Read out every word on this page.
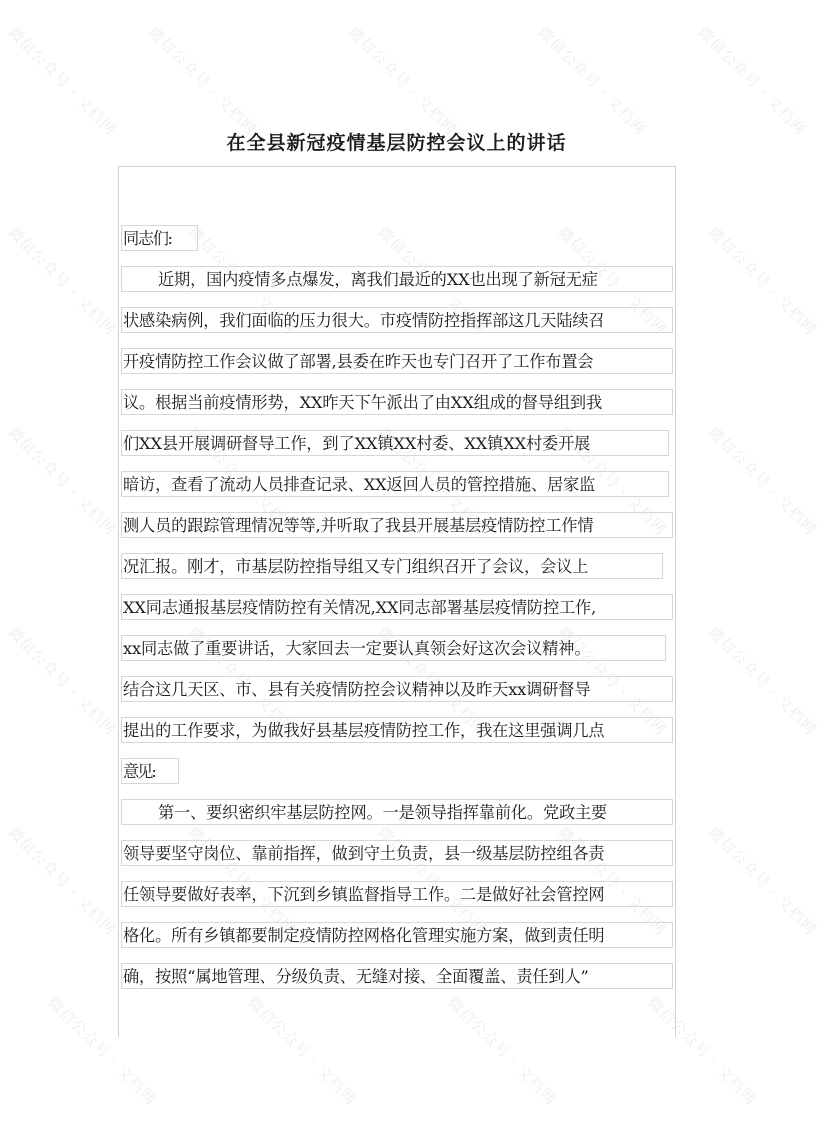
微信公众号 · 文档网 微信公众号 · 文档网	微信公众号 · 文档网	微信公众号 · 文档网	微信公众号 · 文档网
微信公众号 · 文档网	微信公众号 · 文档网	微信公众号 · 文档网	微信公众号 · 文档网 微信公众号 · 文档网
微信公众号 · 文档网	微信公众号 · 文档网	微信公众号 · 文档网	微信公众号 · 文档网 微信公众号 · 文档网
微信公众号 · 文档网	微信公众号 · 文档网	微信公众号 · 文档网	微信公众号 · 文档网 微信公众号 · 文档网
微信公众号 · 文档网	微信公众号 · 文档网	微信公众号 · 文档网	微信公众号 · 文档网 微信公众号 · 文档网
微信公众号 · 文档网	微信公众号 · 文档网	微信公众号 · 文档网	微信公众号 · 文档网
在全县新冠疫情基层防控会议上的讲话
同志们:
近期，国内疫情多点爆发，离我们最近的XX也出现了新冠无症
状感染病例，我们面临的压力很大。市疫情防控指挥部这几天陆续召
开疫情防控工作会议做了部署,县委在昨天也专门召开了工作布置会
议。根据当前疫情形势，XX昨天下午派出了由XX组成的督导组到我
们XX县开展调研督导工作，到了XX镇XX村委、XX镇XX村委开展
暗访，查看了流动人员排查记录、XX返回人员的管控措施、居家监
测人员的跟踪管理情况等等,并听取了我县开展基层疫情防控工作情
况汇报。刚才，市基层防控指导组又专门组织召开了会议，会议上
XX同志通报基层疫情防控有关情况,XX同志部署基层疫情防控工作,
xx同志做了重要讲话，大家回去一定要认真领会好这次会议精神。
结合这几天区、市、县有关疫情防控会议精神以及昨天xx调研督导
提出的工作要求，为做我好县基层疫情防控工作，我在这里强调几点
意见:
第一、要织密织牢基层防控网。一是领导指挥靠前化。党政主要
领导要坚守岗位、靠前指挥，做到守土负责，县一级基层防控组各责
任领导要做好表率，下沉到乡镇监督指导工作。二是做好社会管控网
格化。所有乡镇都要制定疫情防控网格化管理实施方案，做到责任明
确，按照“属地管理、分级负责、无缝对接、全面覆盖、责任到人”
